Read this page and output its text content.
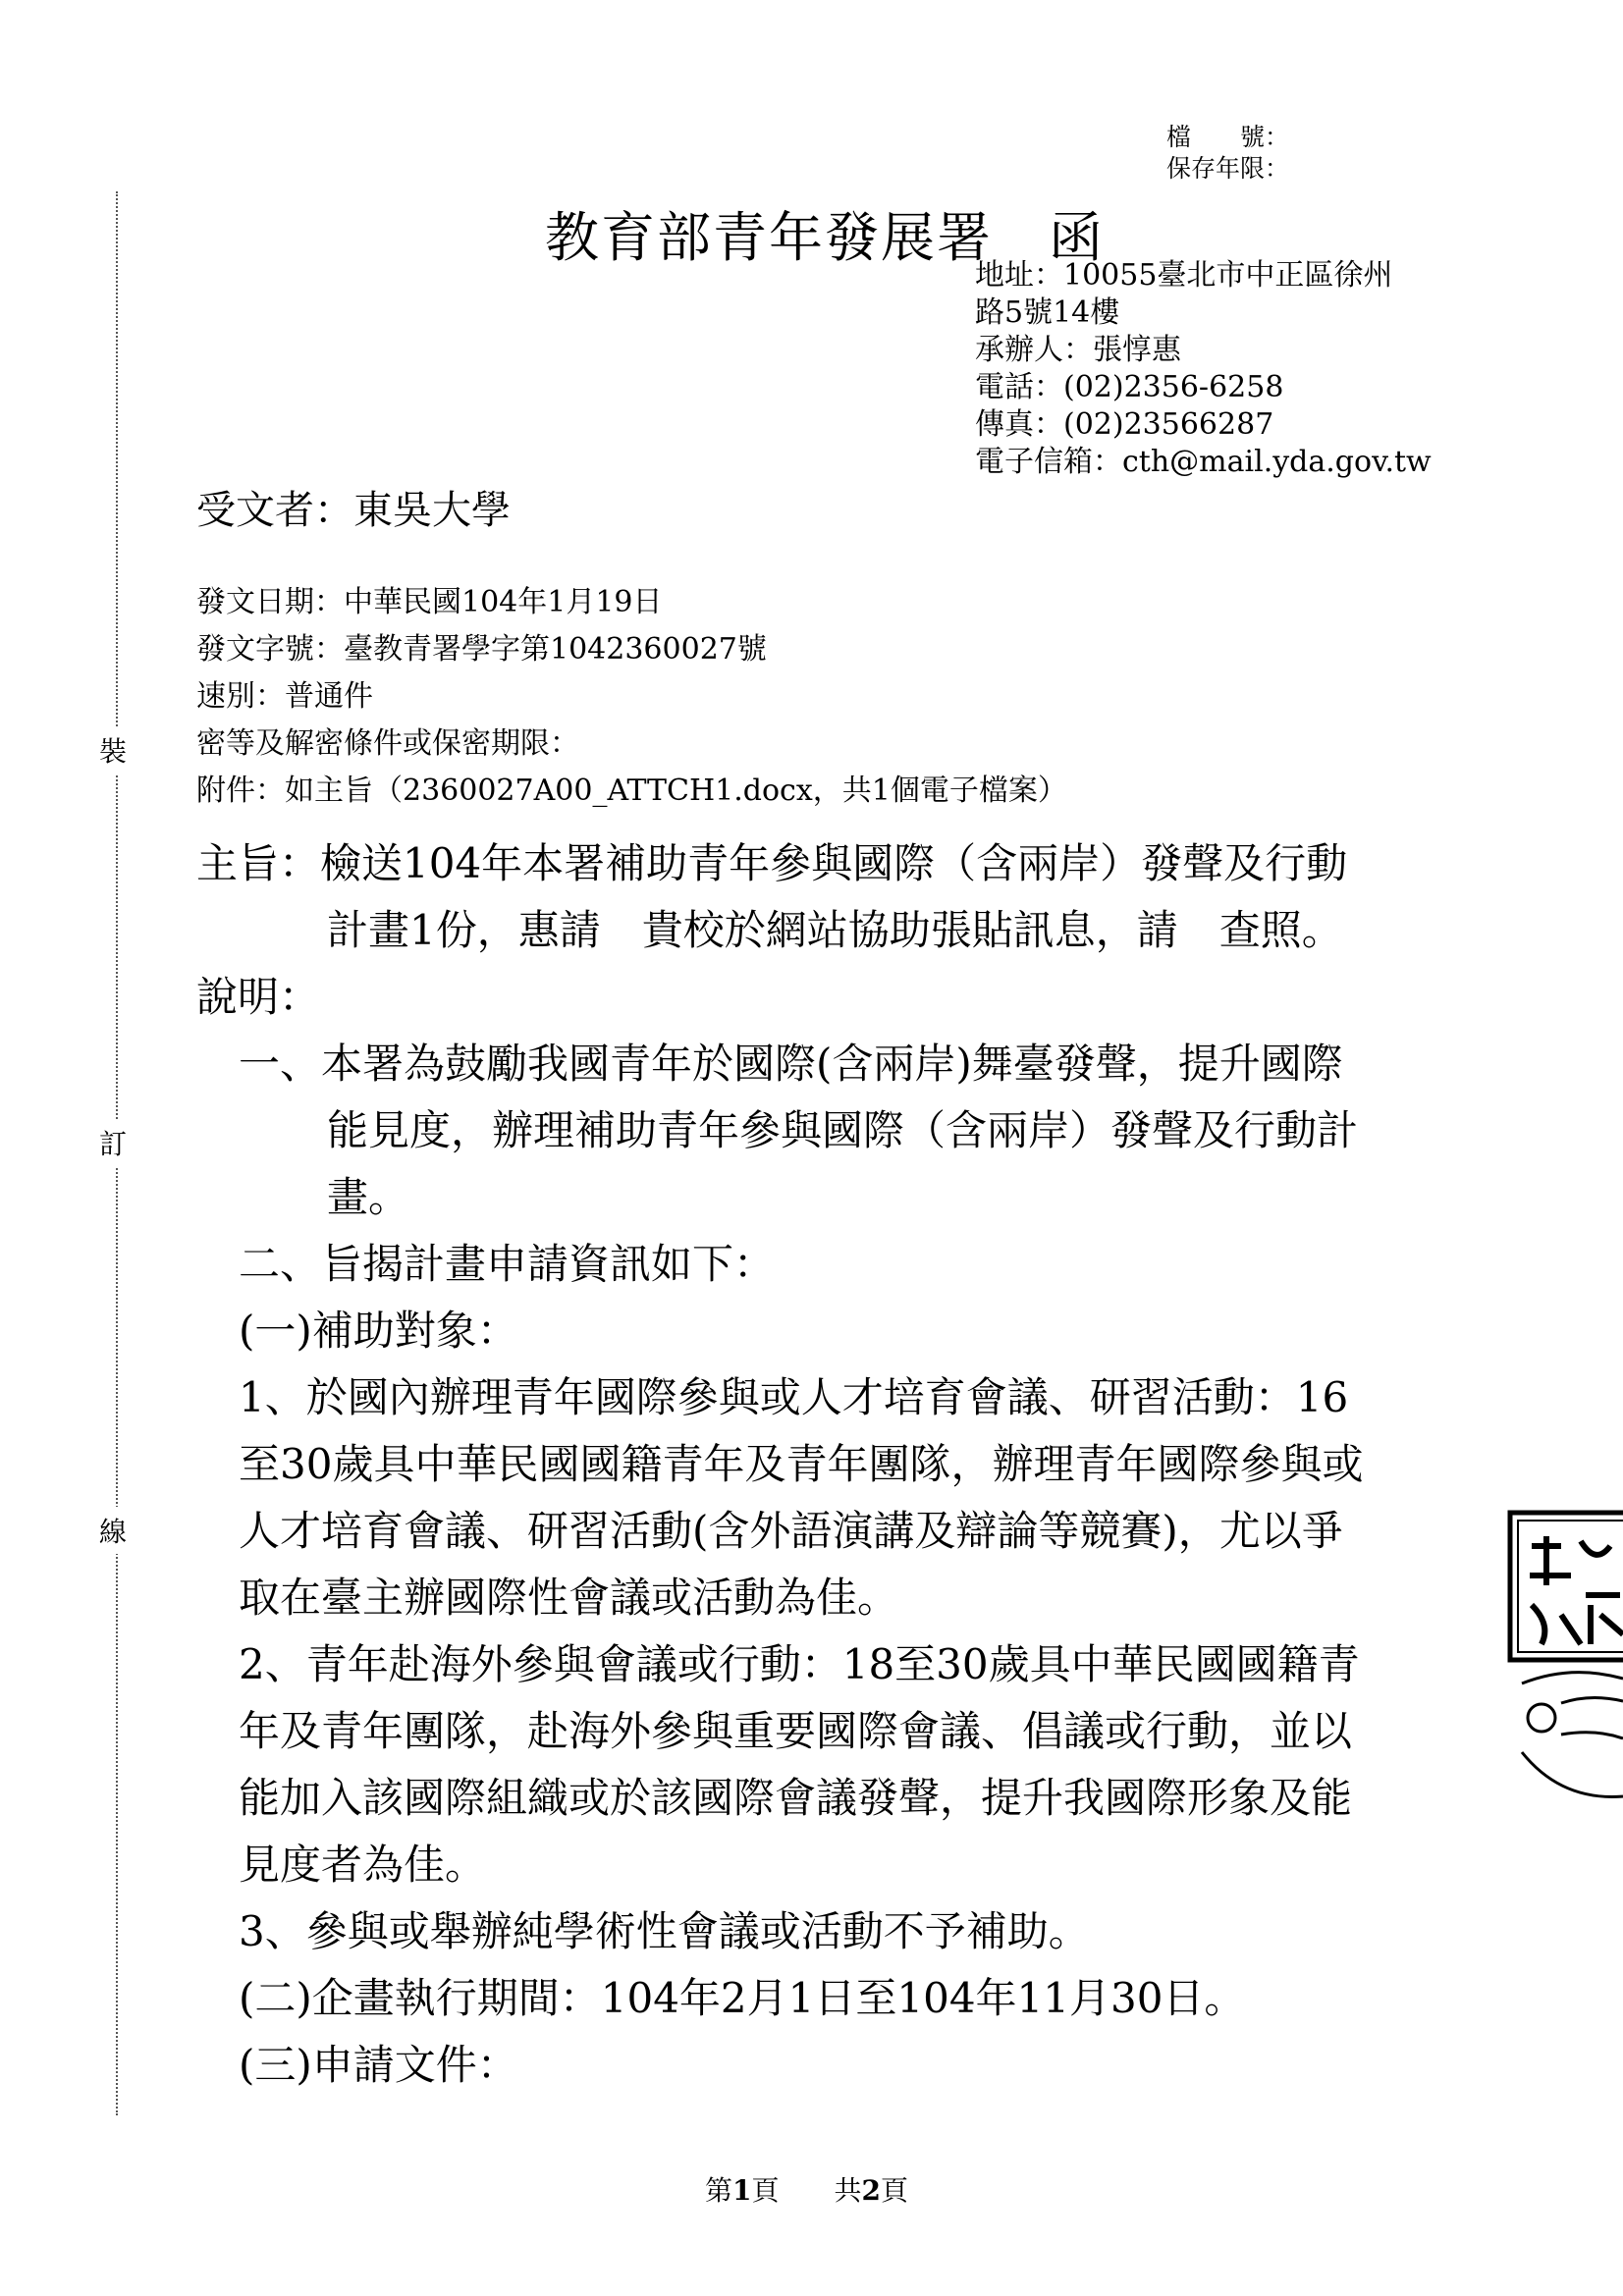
裝
訂
線
檔　　號：
保存年限：
教育部青年發展署　函
地址：10055臺北市中正區徐州
路5號14樓
承辦人：張惇惠
電話：(02)2356-6258
傳真：(02)23566287
電子信箱：cth@mail.yda.gov.tw
受文者：東吳大學
發文日期：中華民國104年1月19日
發文字號：臺教青署學字第1042360027號
速別：普通件
密等及解密條件或保密期限：
附件：如主旨（2360027A00_ATTCH1.docx，共1個電子檔案）
主旨：檢送104年本署補助青年參與國際（含兩岸）發聲及行動
計畫1份，惠請　貴校於網站協助張貼訊息，請　查照。
說明：
一、本署為鼓勵我國青年於國際(含兩岸)舞臺發聲，提升國際
能見度，辦理補助青年參與國際（含兩岸）發聲及行動計
畫。
二、旨揭計畫申請資訊如下：
(一)補助對象：
1、於國內辦理青年國際參與或人才培育會議、研習活動：16
至30歲具中華民國國籍青年及青年團隊，辦理青年國際參與或
人才培育會議、研習活動(含外語演講及辯論等競賽)，尤以爭
取在臺主辦國際性會議或活動為佳。
2、青年赴海外參與會議或行動：18至30歲具中華民國國籍青
年及青年團隊，赴海外參與重要國際會議、倡議或行動，並以
能加入該國際組織或於該國際會議發聲，提升我國際形象及能
見度者為佳。
3、參與或舉辦純學術性會議或活動不予補助。
(二)企畫執行期間：104年2月1日至104年11月30日。
(三)申請文件：
第1頁　　共2頁
